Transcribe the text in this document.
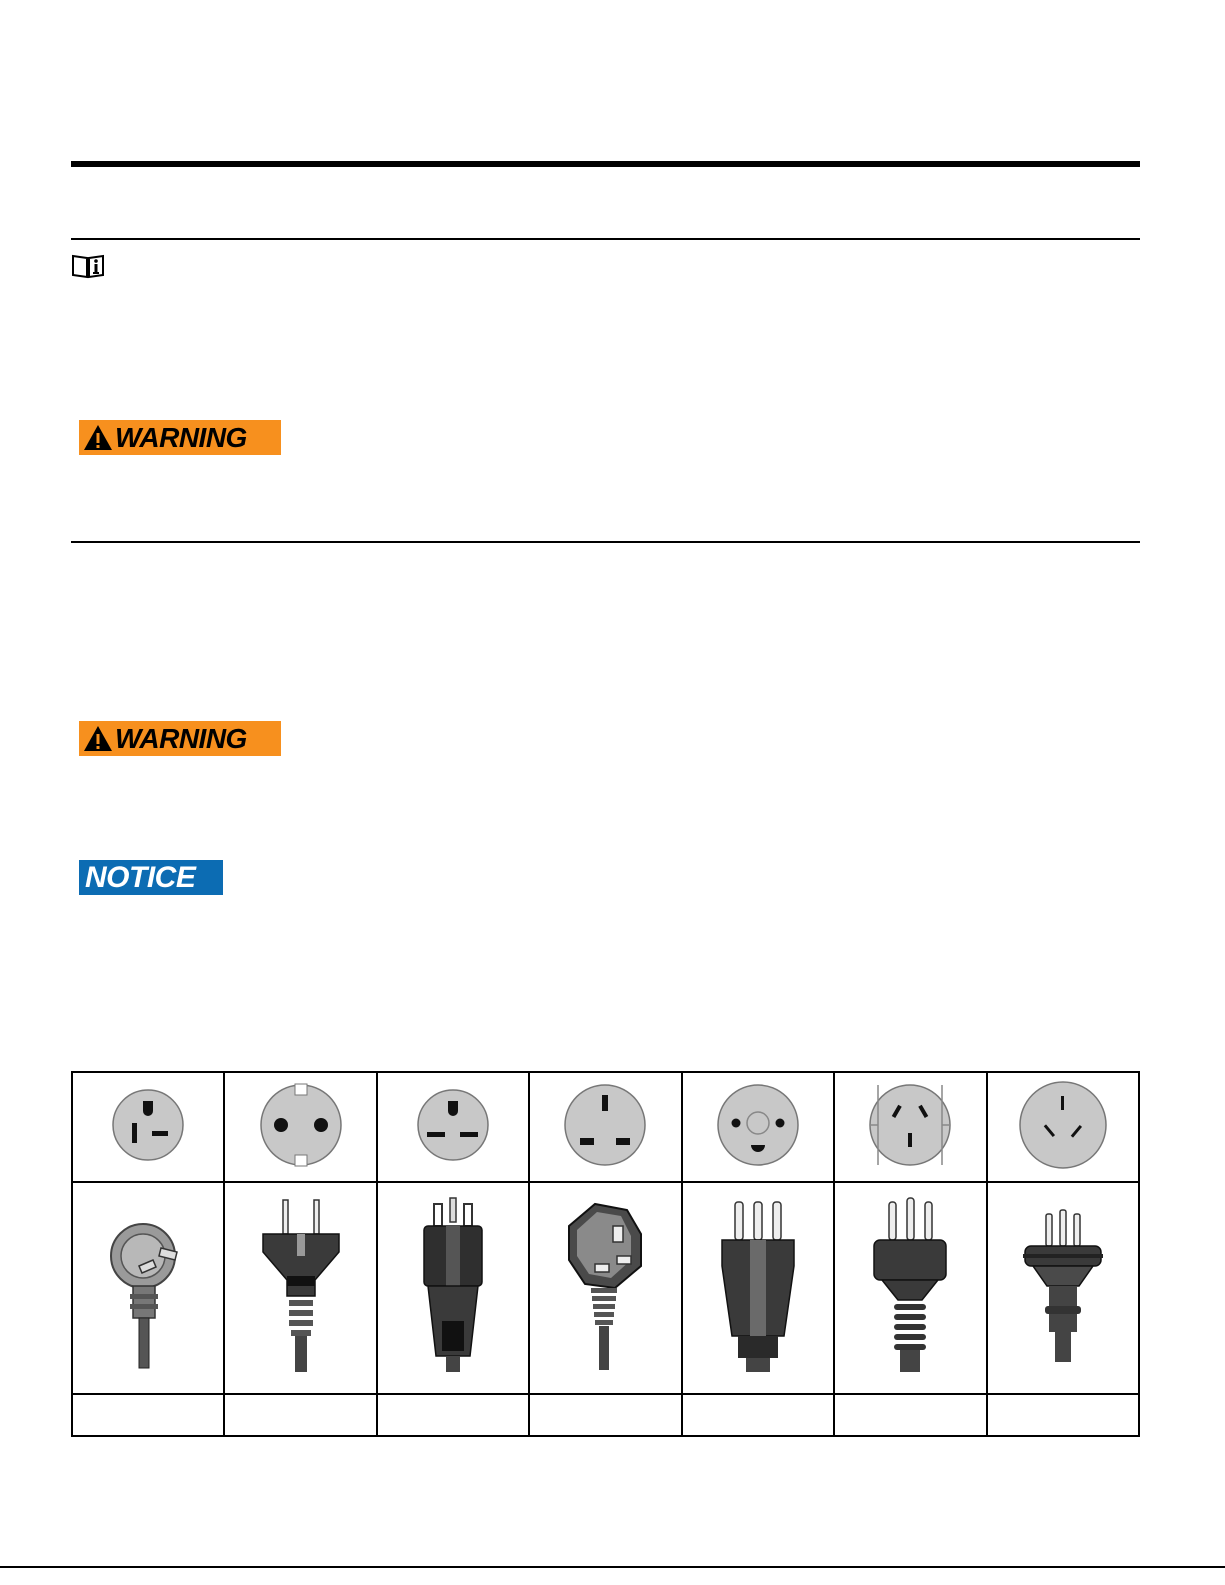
WARNING
WARNING
NOTICE
